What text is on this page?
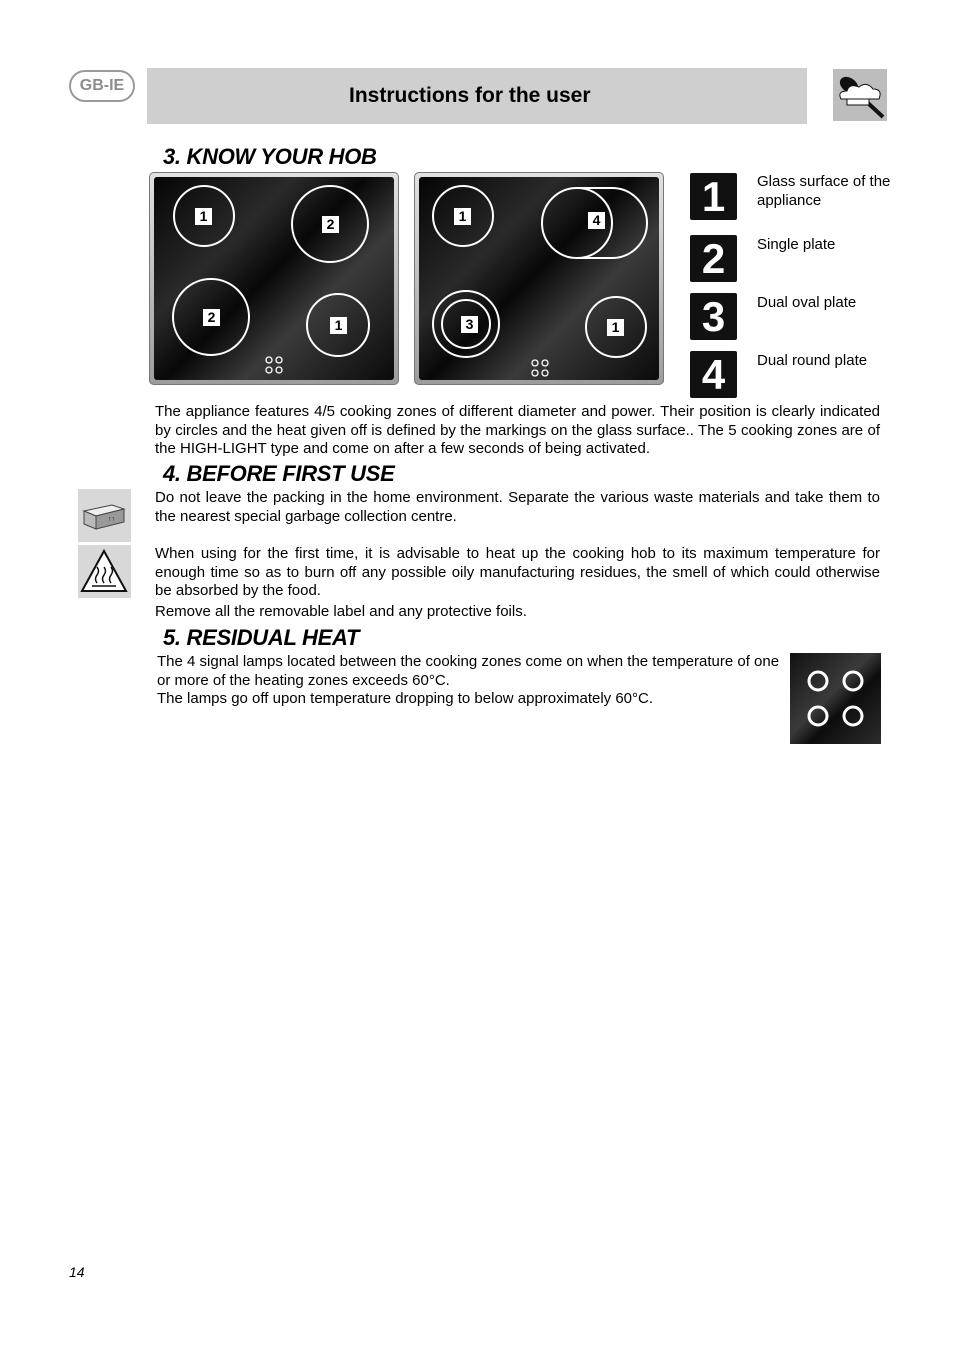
GB-IE	Instructions for the user
3. KNOW YOUR HOB
1	2
2	1
1	4
3	1
1	Glass surface of the appliance
2	Single plate
3	Dual oval plate
4	Dual round plate
The appliance features 4/5 cooking zones of different diameter and power. Their position is clearly indicated by circles and the heat given off is defined by the markings on the glass surface.. The 5 cooking zones are of the HIGH-LIGHT type and come on after a few seconds of being activated.
4. BEFORE FIRST USE
↑↑
Do not leave the packing in the home environment. Separate the various waste materials and take them to the nearest special garbage collection centre.
When using for the first time, it is advisable to heat up the cooking hob to its maximum temperature for enough time so as to burn off any possible oily manufacturing residues, the smell of which could otherwise be absorbed by the food.
Remove all the removable label and any protective foils.
5. RESIDUAL HEAT
The 4 signal lamps located between the cooking zones come on when the temperature of one or more of the heating zones exceeds 60°C.
The lamps go off upon temperature dropping to below approximately 60°C.
14
